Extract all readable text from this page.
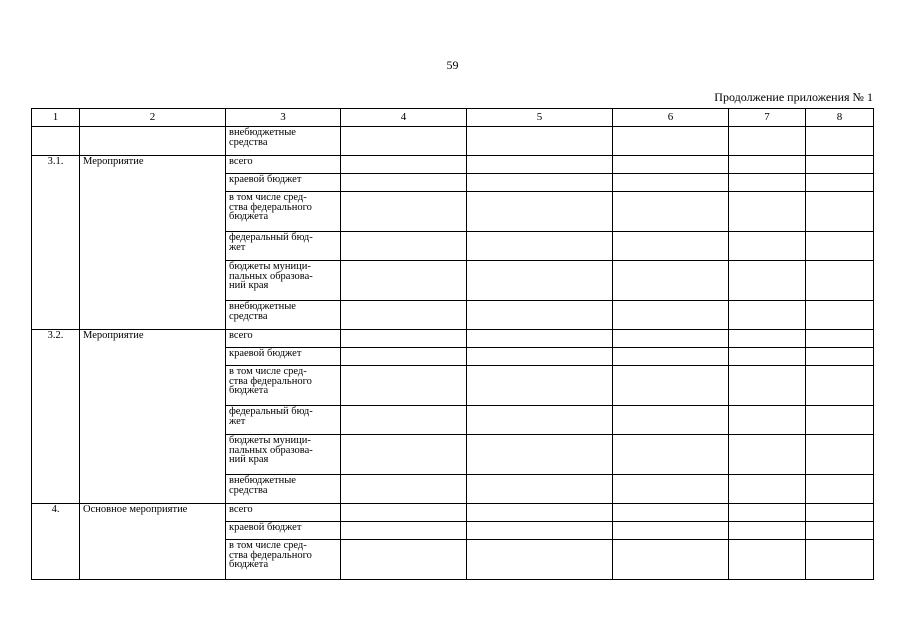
59
Продолжение приложения № 1
1	2	3	4	5	6	7	8
		внебюджетные
средства					
3.1.	Мероприятие	всего					
		краевой бюджет					
		в том числе сред-
ства федерального
бюджета					
		федеральный бюд-
жет					
		бюджеты муници-
пальных образова-
ний края					
		внебюджетные
средства					
3.2.	Мероприятие	всего					
		краевой бюджет					
		в том числе сред-
ства федерального
бюджета					
		федеральный бюд-
жет					
		бюджеты муници-
пальных образова-
ний края					
		внебюджетные
средства					
4.	Основное мероприятие	всего					
		краевой бюджет					
		в том числе сред-
ства федерального
бюджета					
